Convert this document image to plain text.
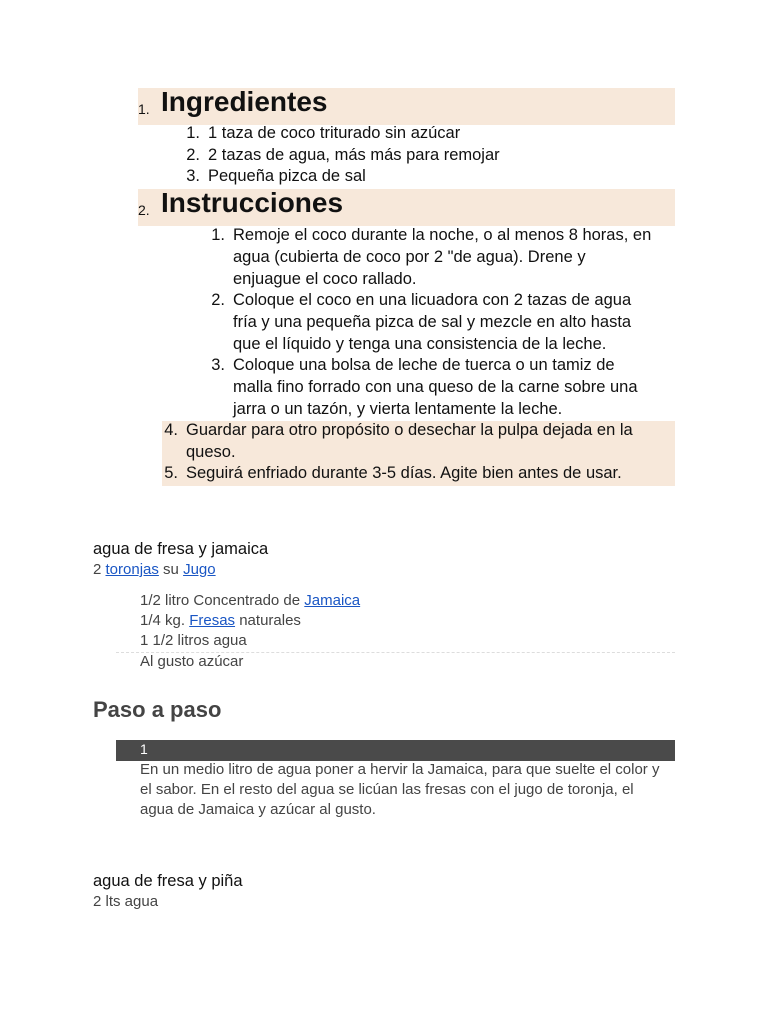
1. Ingredientes
1. 1 taza de coco triturado sin azúcar
2. 2 tazas de agua, más más para remojar
3. Pequeña pizca de sal
2. Instrucciones
1. Remoje el coco durante la noche, o al menos 8 horas, en
agua (cubierta de coco por 2 "de agua). Drene y
enjuague el coco rallado.
2. Coloque el coco en una licuadora con 2 tazas de agua
fría y una pequeña pizca de sal y mezcle en alto hasta
que el líquido y tenga una consistencia de la leche.
3. Coloque una bolsa de leche de tuerca o un tamiz de
malla fino forrado con una queso de la carne sobre una
jarra o un tazón, y vierta lentamente la leche.
4. Guardar para otro propósito o desechar la pulpa dejada en la
queso.
5. Seguirá enfriado durante 3-5 días. Agite bien antes de usar.
agua de fresa y jamaica
2 toronjas su Jugo
1/2 litro Concentrado de Jamaica
1/4 kg. Fresas naturales
1 1/2 litros agua
Al gusto azúcar
Paso a paso
1
En un medio litro de agua poner a hervir la Jamaica, para que suelte el color y
el sabor. En el resto del agua se licúan las fresas con el jugo de toronja, el
agua de Jamaica y azúcar al gusto.
agua de fresa y piña
2 lts agua
